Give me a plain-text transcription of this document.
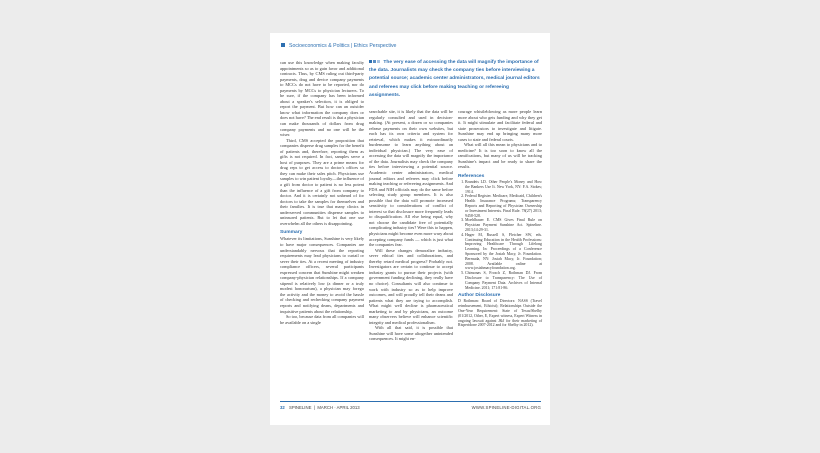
Socioeconomics & Politics | Ethics Perspective

can use this knowledge when making faculty appointments so as to gain favor and additional contracts. Thus, by CMS ruling out third-party payments, drug and device company payments to MCCs do not have to be reported, nor do payments by MCCs to physician lecturers. To be sure, if the company has been informed about a speaker's selection, it is obliged to report the payment. But how can an outsider know what information the company does or does not have? The end result is that a physician can make thousands of dollars from drug company payments and no one will be the wiser.

Third, CMS accepted the proposition that companies disperse drug samples for the benefit of patients and, therefore, reporting them as gifts is not required. In fact, samples serve a host of purposes. They are a prime means for drug reps to get access to doctor's offices so they can make their sales pitch. Physicians use samples to win patient loyalty—the influence of a gift from doctor to patient is no less potent than the influence of a gift from company to doctor. And it is certainly not unheard of for doctors to take the samples for themselves and their families. It is true that many clinics in underserved communities dispense samples to uninsured patients. But to let that one use overwhelm all the others is disappointing.

Summary

Whatever its limitations, Sunshine is very likely to have major consequences. Companies are understandably nervous that the reporting requirements may lead physicians to curtail or sever their ties. At a recent meeting of industry compliance officers, several participants expressed concern that Sunshine might weaken company-physician relationships. If a company stipend is relatively low (a dinner or a truly modest honorarium), a physician may forego the activity and the money to avoid the hassle of checking and rechecking company payment reports and notifying deans, departments and inquisitive patients about the relationship.

So too, because data from all companies will be available on a single

The very ease of accessing the data will magnify the importance of the data. Journalists may check the company ties before interviewing a potential source; academic center administrators, medical journal editors and referees may click before making teaching or refereeing assignments.

searchable site, it is likely that the data will be regularly consulted and used in decision-making. (At present, a dozen or so companies release payments on their own websites, but each has its own criteria and system for retrieval, which makes it extraordinarily burdensome to learn anything about an individual physician.) The very ease of accessing the data will magnify the importance of the data. Journalists may check the company ties before interviewing a potential source. Academic center administrators, medical journal editors and referees may click before making teaching or refereeing assignments. And FDA and NIH officials may do the same before selecting study group members. It is also possible that the data will promote increased sensitivity to considerations of conflict of interest so that disclosure more frequently leads to disqualification. All else being equal, why not choose the candidate free of potentially complicating industry ties? Were this to happen, physicians might become even more wary about accepting company funds — which is just what the companies fear.

Will these changes demoralize industry, sever ethical ties and collaborations, and thereby retard medical progress? Probably not. Investigators are certain to continue to accept industry grants to pursue their projects (with government funding declining, they really have no choice). Consultants will also continue to work with industry so as to help improve outcomes, and will proudly tell their deans and patients what they are trying to accomplish. What might well decline is pharmaceutical marketing to and by physicians, an outcome many observers believe will enhance scientific integrity and medical professionalism.

With all that said, it is possible that Sunshine will have some altogether unintended consequences. It might en-

courage whistleblowing as more people learn more about who gets funding and why they get it. It might stimulate and facilitate federal and state prosecutors to investigate and litigate. Sunshine may end up bringing many more cases to state and federal courts.

What will all this mean to physicians and to medicine? It is too soon to know all the ramifications, but many of us will be tracking Sunshine's impact and be ready to share the results.

References
1. Brandeis LD. Other People's Money and How the Bankers Use It. New York, NY: F.A. Stokes; 1914.
2. Federal Register. Medicare, Medicaid, Children's Health Insurance Programs; Transparency Reports and Reporting of Physician Ownership or Investment Interests. Final Rule. 78(27) 2013; 9458-528.
3. Moehlbauer E. CMS Gives Final Rule on Physician Payment Sunshine Act. Spineline. 2013;14:29-31.
4. Hager M, Russell S, Fletcher SW, eds. Continuing Education in the Health Professions: Improving Healthcare Through Lifelong Learning. In: Proceedings of a Conference Sponsored by the Josiah Macy, Jr. Foundation. Bermuda, NY: Josiah Macy, Jr. Foundation; 2008. Available online at www.josiahmacyfoundation.org.
5. Chimonas S, Frosch Z, Rothman DJ. From Disclosure to Transparency: The Use of Company Payment Data. Archives of Internal Medicine. 2011; 171:81-86.
Author Disclosure
D Rothman: Board of Directors: NASS (Travel reimbursement, Ethicist); Relationships Outside the One-Year Requirement: State of Texas/Shelby (01/2012, Other, E, Expert witness, Expert Witness in ongoing lawsuit against J&J for their marketing of Risperidone 2007-2012 and for Shelby in 2012).
32 SPINELINE  |  MARCH · APRIL 2013	WWW.SPINELINE-DIGITAL.ORG
